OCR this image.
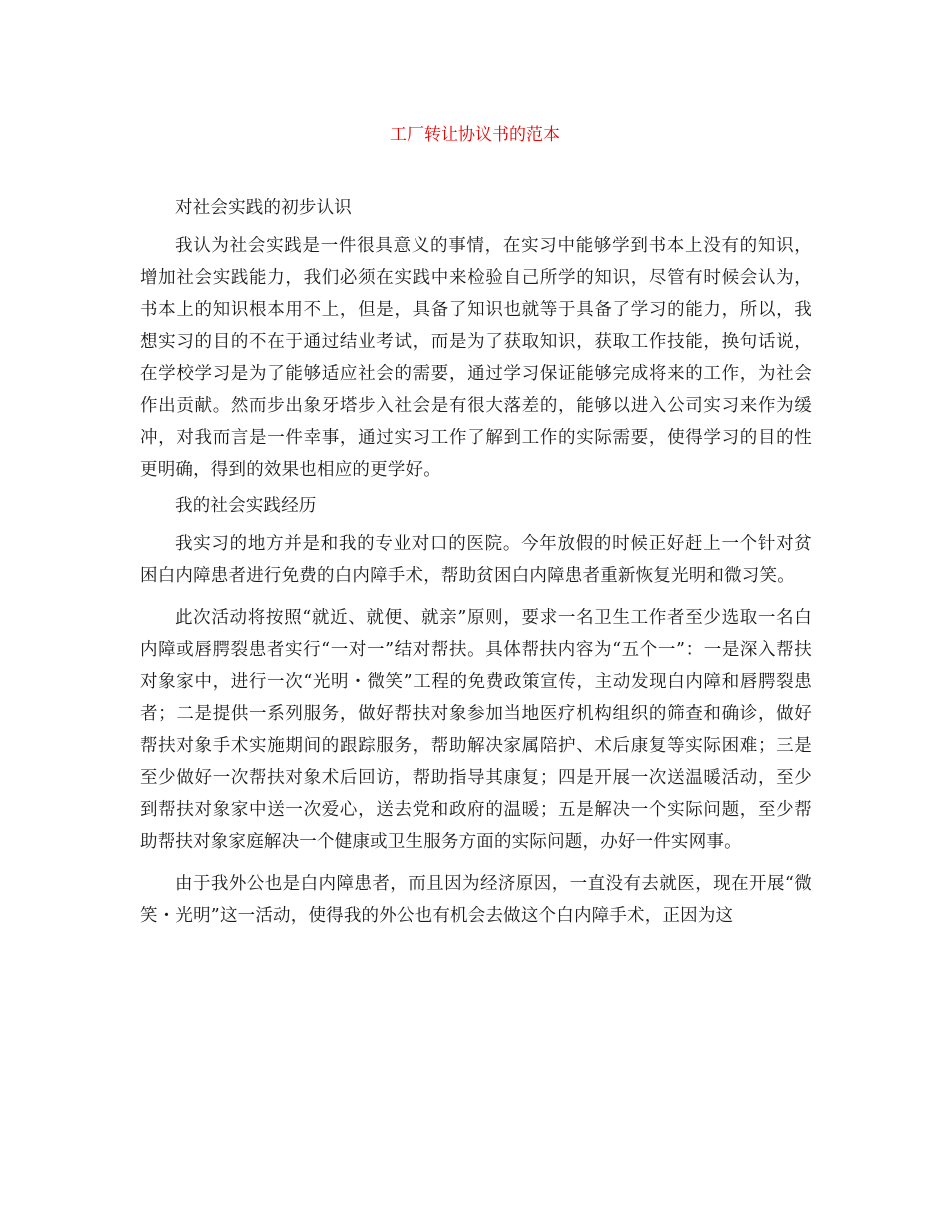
工厂转让协议书的范本

对社会实践的初步认识

我认为社会实践是一件很具意义的事情，在实习中能够学到书本上没有的知识，增加社会实践能力，我们必须在实践中来检验自己所学的知识，尽管有时候会认为，书本上的知识根本用不上，但是，具备了知识也就等于具备了学习的能力，所以，我想实习的目的不在于通过结业考试，而是为了获取知识，获取工作技能，换句话说，在学校学习是为了能够适应社会的需要，通过学习保证能够完成将来的工作，为社会作出贡献。然而步出象牙塔步入社会是有很大落差的，能够以进入公司实习来作为缓冲，对我而言是一件幸事，通过实习工作了解到工作的实际需要，使得学习的目的性更明确，得到的效果也相应的更学好。

我的社会实践经历

我实习的地方并是和我的专业对口的医院。今年放假的时候正好赶上一个针对贫困白内障患者进行免费的白内障手术，帮助贫困白内障患者重新恢复光明和微习笑。

此次活动将按照“就近、就便、就亲”原则，要求一名卫生工作者至少选取一名白内障或唇腭裂患者实行“一对一”结对帮扶。具体帮扶内容为“五个一”：一是深入帮扶对象家中，进行一次“光明・微笑”工程的免费政策宣传，主动发现白内障和唇腭裂患者；二是提供一系列服务，做好帮扶对象参加当地医疗机构组织的筛查和确诊，做好帮扶对象手术实施期间的跟踪服务，帮助解决家属陪护、术后康复等实际困难；三是至少做好一次帮扶对象术后回访，帮助指导其康复；四是开展一次送温暖活动，至少到帮扶对象家中送一次爱心，送去党和政府的温暖；五是解决一个实际问题，至少帮助帮扶对象家庭解决一个健康或卫生服务方面的实际问题，办好一件实网事。

由于我外公也是白内障患者，而且因为经济原因，一直没有去就医，现在开展“微笑・光明”这一活动，使得我的外公也有机会去做这个白内障手术，正因为这
